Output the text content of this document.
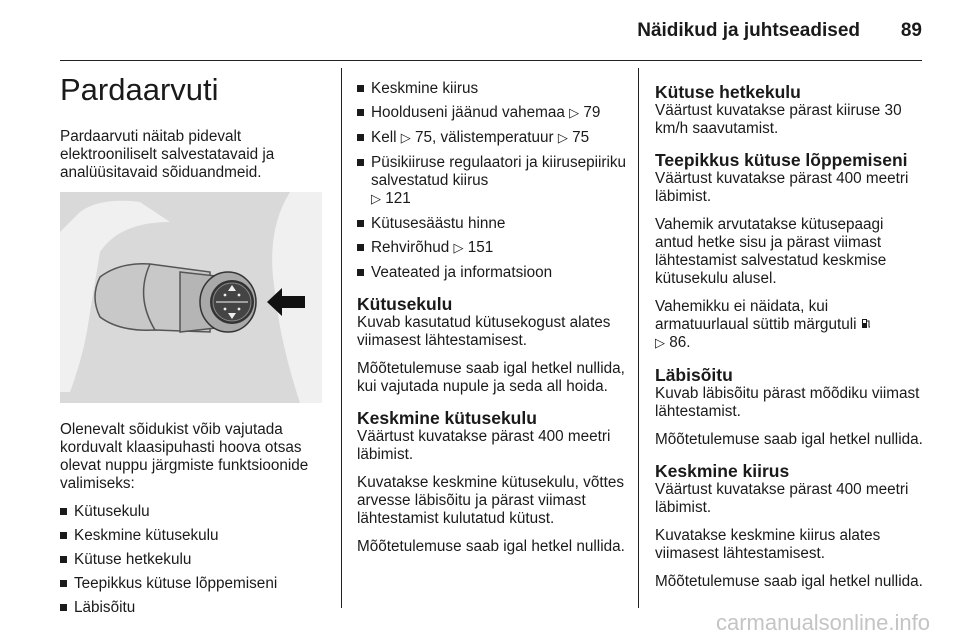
Näidikud ja juhtseadised 89
Pardaarvuti

Pardaarvuti näitab pidevalt elektrooniliselt salvestatavaid ja analüüsitavaid sõiduandmeid.

Olenevalt sõidukist võib vajutada korduvalt klaasipuhasti hoova otsas olevat nuppu järgmiste funktsioonide valimiseks:

Kütusekulu
Keskmine kütusekulu
Kütuse hetkekulu
Teepikkus kütuse lõppemiseni
Läbisõitu
Keskmine kiirus
Hoolduseni jäänud vahemaa ▷ 79
Kell ▷ 75, välistemperatuur ▷ 75
Püsikiiruse regulaatori ja kiirusepiiriku salvestatud kiirus
▷ 121
Kütusesäästu hinne
Rehvirõhud ▷ 151
Veateated ja informatsioon
Kütusekulu

Kuvab kasutatud kütusekogust alates viimasest lähtestamisest.

Mõõtetulemuse saab igal hetkel nullida, kui vajutada nupule ja seda all hoida.

Keskmine kütusekulu

Väärtust kuvatakse pärast 400 meetri läbimist.

Kuvatakse keskmine kütusekulu, võttes arvesse läbisõitu ja pärast viimast lähtestamist kulutatud kütust.

Mõõtetulemuse saab igal hetkel nullida.

Kütuse hetkekulu

Väärtust kuvatakse pärast kiiruse 30 km/h saavutamist.

Teepikkus kütuse lõppemiseni

Väärtust kuvatakse pärast 400 meetri läbimist.

Vahemik arvutatakse kütusepaagi antud hetke sisu ja pärast viimast lähtestamist salvestatud keskmise kütusekulu alusel.

Vahemikku ei näidata, kui armatuurlaual süttib märgutuli
▷ 86.

Läbisõitu

Kuvab läbisõitu pärast mõõdiku viimast lähtestamist.

Mõõtetulemuse saab igal hetkel nullida.

Keskmine kiirus

Väärtust kuvatakse pärast 400 meetri läbimist.

Kuvatakse keskmine kiirus alates viimasest lähtestamisest.

Mõõtetulemuse saab igal hetkel nullida.

carmanualsonline.info
